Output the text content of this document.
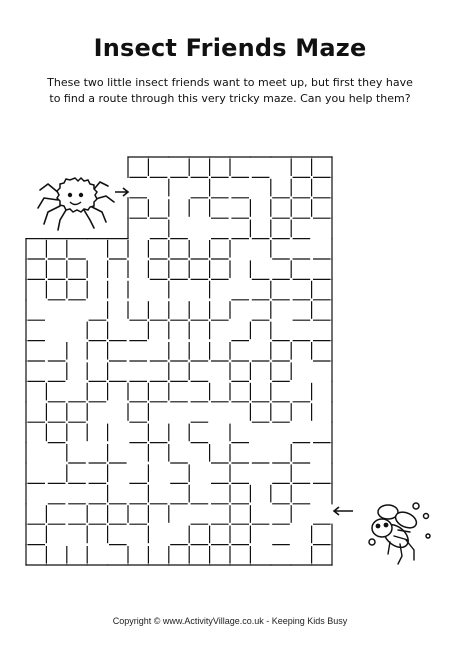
Insect Friends Maze
These two little insect friends want to meet up, but first they have to find a route through this very tricky maze. Can you help them?
Copyright © www.ActivityVillage.co.uk - Keeping Kids Busy
